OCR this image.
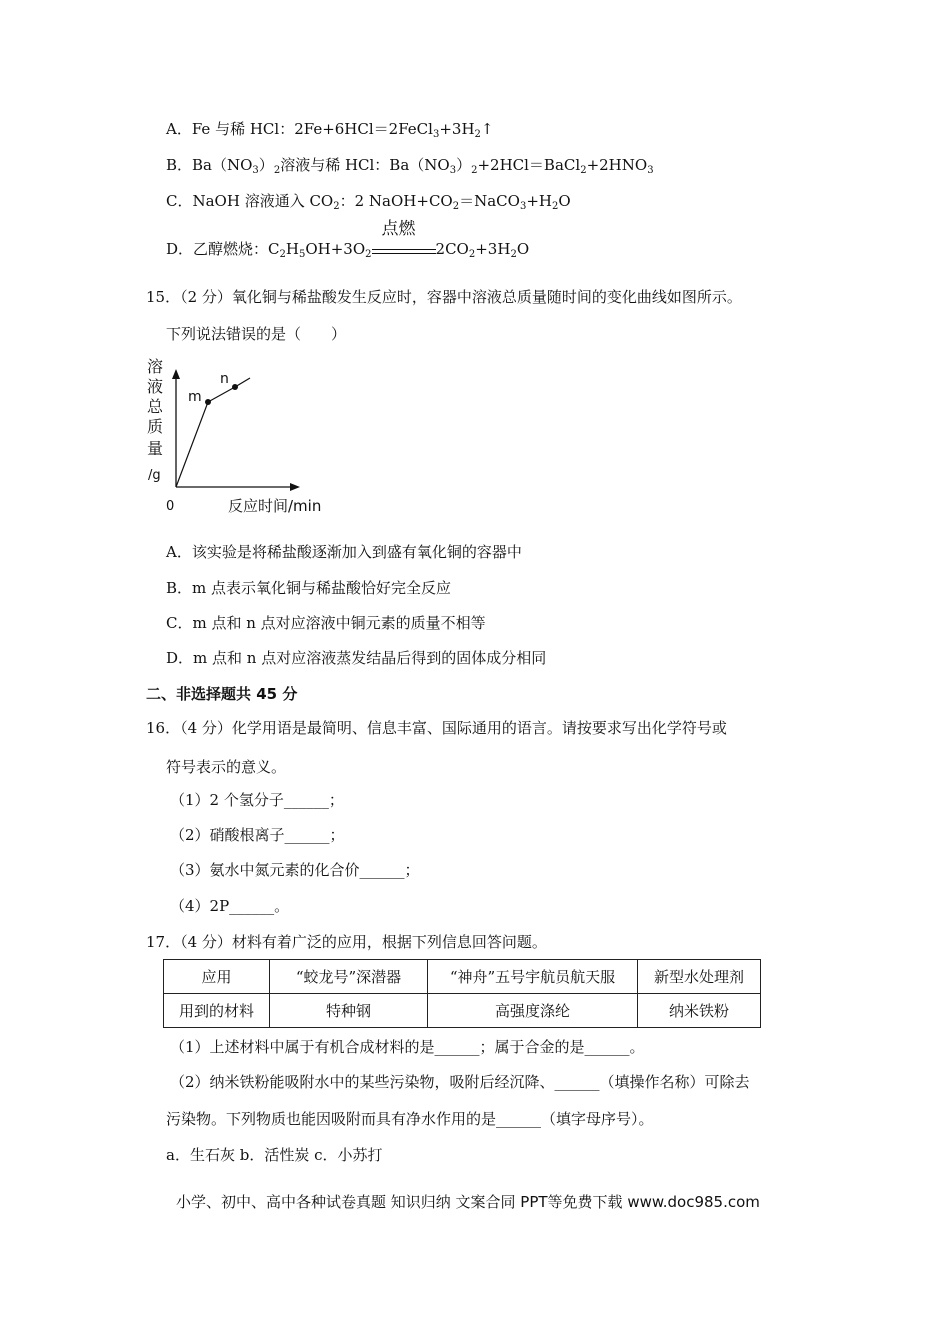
A．Fe 与稀 HCl：$2Fe+6HCl=2FeCl_3+3H_2↑$
B．$Ba(NO_3)_2$溶液与稀 HCl：$Ba(NO_3)_2+2HCl=BaCl_2+2HNO_3$
C．NaOH 溶液通入 $CO_2$：2 $NaOH+CO_2=NaCO_3+H_2O$
D．乙醇燃烧：$C_2H_5OH+3O_2$
点燃
$2CO_2+3H_2O$
15．（2 分）氧化铜与稀盐酸发生反应时，容器中溶液总质量随时间的变化曲线如图所示。
下列说法错误的是（　　）
溶
液
总
质
量
/g
0	反应时间/min
m
n
A．该实验是将稀盐酸逐渐加入到盛有氧化铜的容器中
B．m 点表示氧化铜与稀盐酸恰好完全反应
C．m 点和 n 点对应溶液中铜元素的质量不相等
D．m 点和 n 点对应溶液蒸发结晶后得到的固体成分相同
二、非选择题共 45 分
16．（4 分）化学用语是最简明、信息丰富、国际通用的语言。请按要求写出化学符号或
符号表示的意义。
（1）2 个氢分子______；
（2）硝酸根离子______；
（3）氨水中氮元素的化合价______；
（4）2P______。
17．（4 分）材料有着广泛的应用，根据下列信息回答问题。
应用	“蛟龙号”深潜器	“神舟”五号宇航员航天服	新型水处理剂
用到的材料	特种钢	高强度涤纶	纳米铁粉
（1）上述材料中属于有机合成材料的是______；属于合金的是______。
（2）纳米铁粉能吸附水中的某些污染物，吸附后经沉降、______（填操作名称）可除去
污染物。下列物质也能因吸附而具有净水作用的是______（填字母序号）。
a．生石灰 b．活性炭 c．小苏打
小学、初中、高中各种试卷真题 知识归纳 文案合同 PPT等免费下载 www.doc985.com
